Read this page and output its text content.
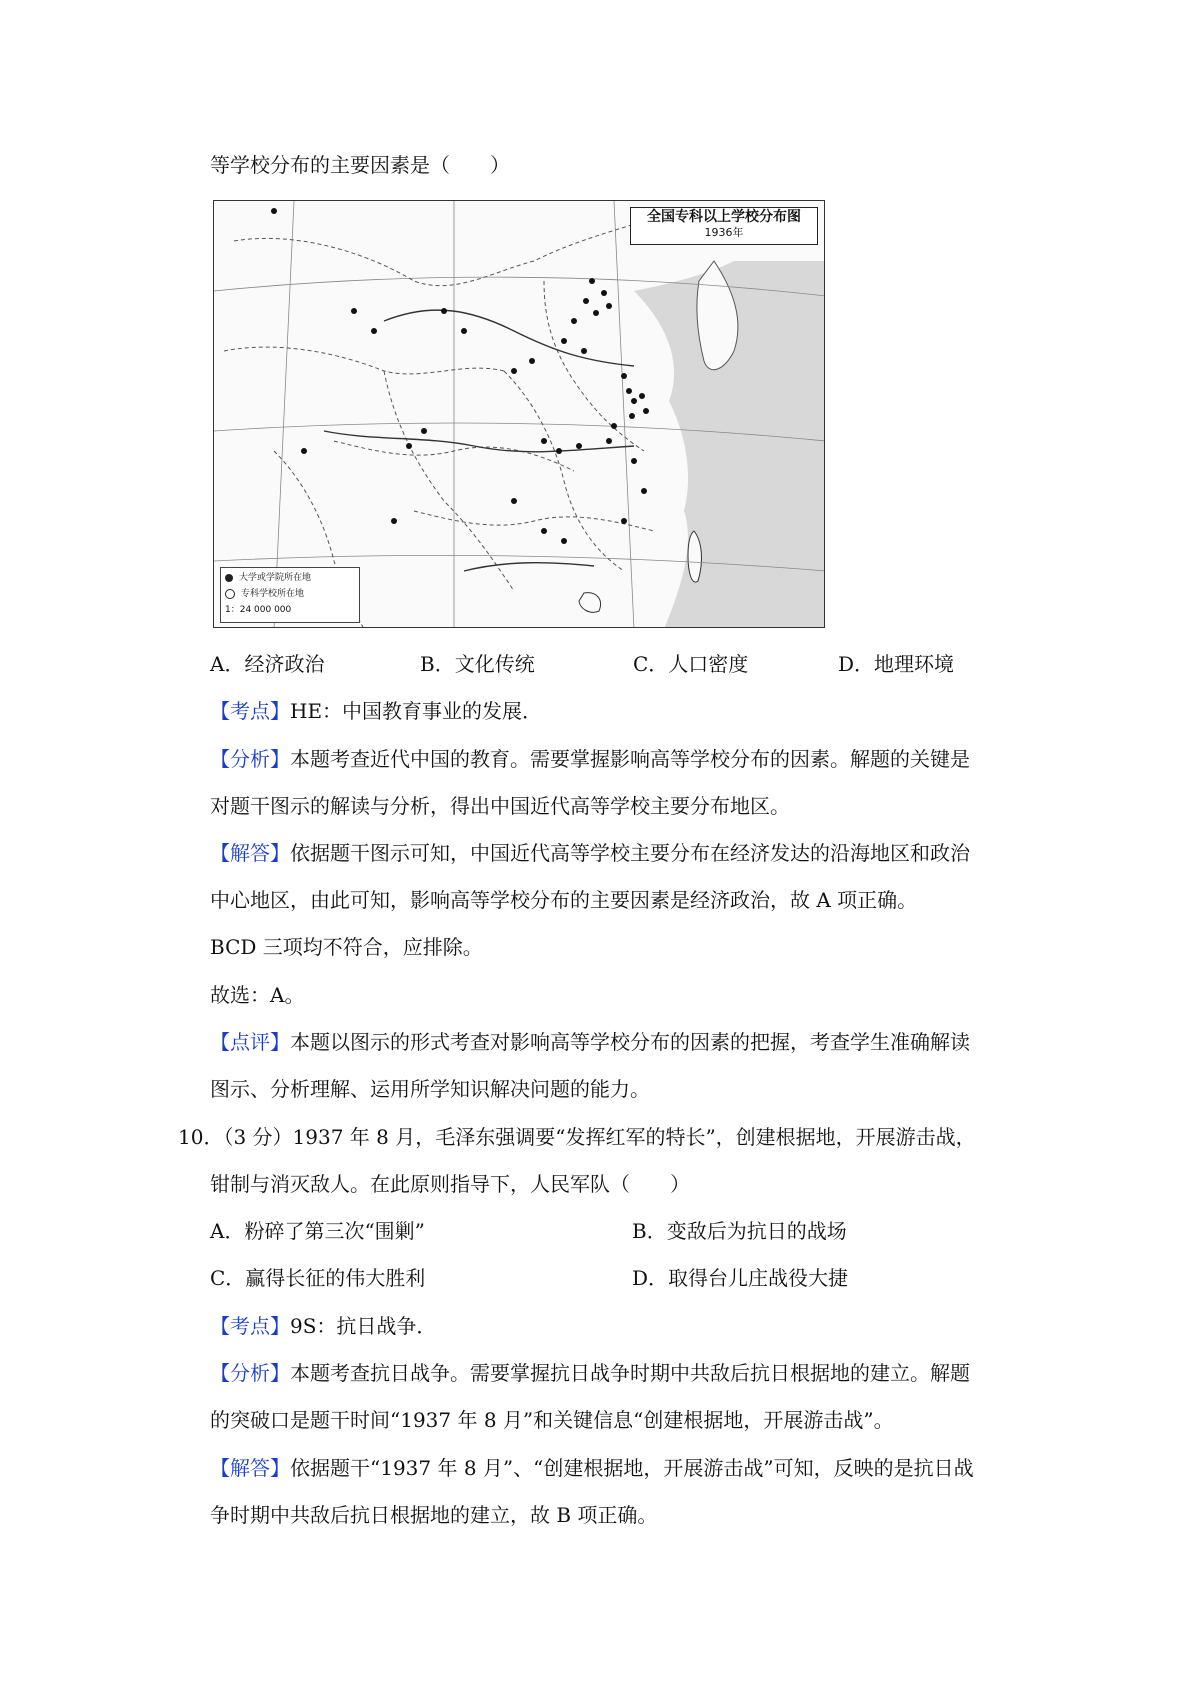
等学校分布的主要因素是（　　）
全国专科以上学校分布图
1936年
大学或学院所在地
专科学校所在地
1：24 000 000
A．经济政治	B．文化传统	C．人口密度	D．地理环境
【考点】HE：中国教育事业的发展．
【分析】本题考查近代中国的教育。需要掌握影响高等学校分布的因素。解题的关键是
对题干图示的解读与分析，得出中国近代高等学校主要分布地区。
【解答】依据题干图示可知，中国近代高等学校主要分布在经济发达的沿海地区和政治
中心地区，由此可知，影响高等学校分布的主要因素是经济政治，故 A 项正确。
BCD 三项均不符合，应排除。
故选：A。
【点评】本题以图示的形式考查对影响高等学校分布的因素的把握，考查学生准确解读
图示、分析理解、运用所学知识解决问题的能力。
10．（3 分）1937 年 8 月，毛泽东强调要“发挥红军的特长”，创建根据地，开展游击战，
钳制与消灭敌人。在此原则指导下，人民军队（　　）
A．粉碎了第三次“围剿”	B．变敌后为抗日的战场
C．赢得长征的伟大胜利	D．取得台儿庄战役大捷
【考点】9S：抗日战争．
【分析】本题考查抗日战争。需要掌握抗日战争时期中共敌后抗日根据地的建立。解题
的突破口是题干时间“1937 年 8 月”和关键信息“创建根据地，开展游击战”。
【解答】依据题干“1937 年 8 月”、“创建根据地，开展游击战”可知，反映的是抗日战
争时期中共敌后抗日根据地的建立，故 B 项正确。
